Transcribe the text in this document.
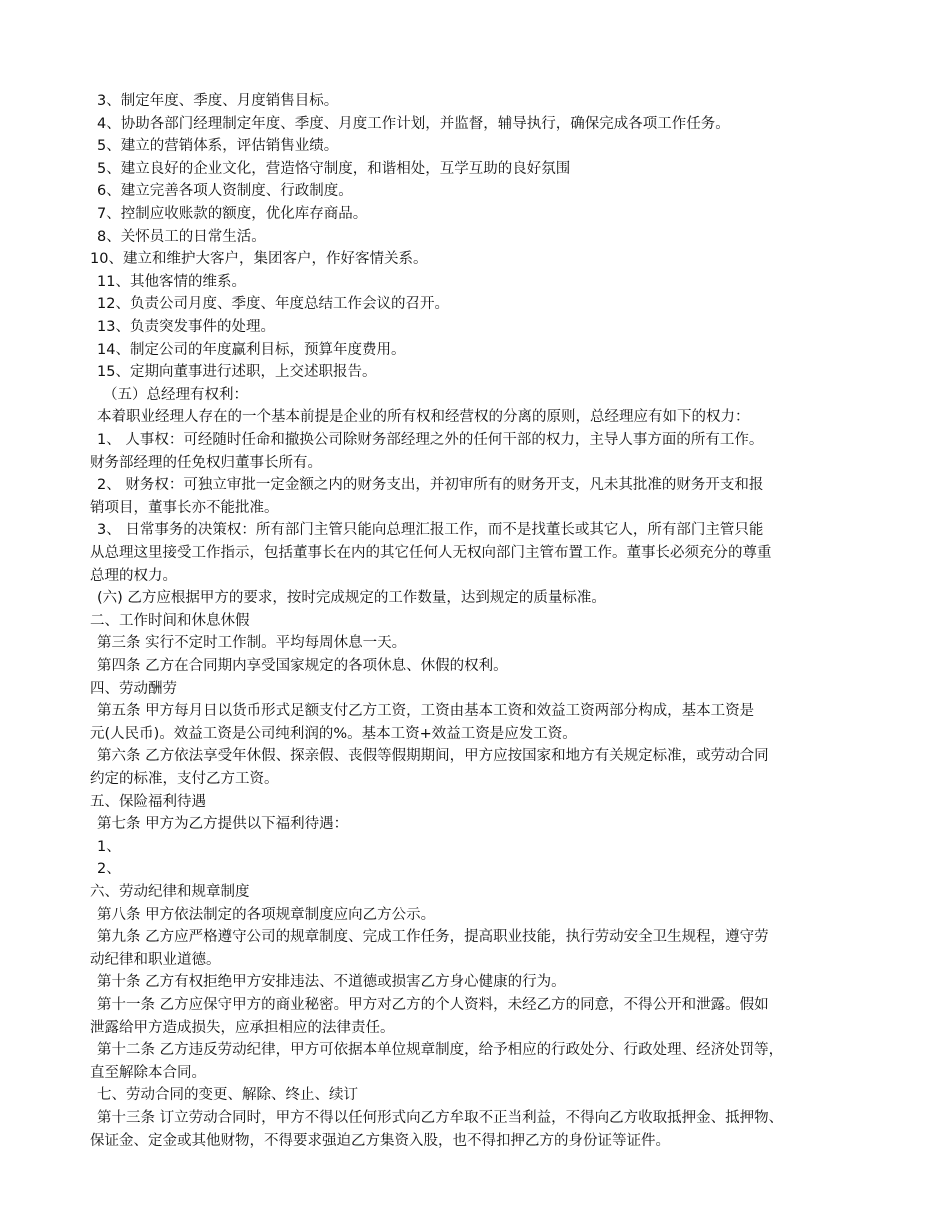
3、制定年度、季度、月度销售目标。
4、协助各部门经理制定年度、季度、月度工作计划，并监督，辅导执行，确保完成各项工作任务。
5、建立的营销体系，评估销售业绩。
5、建立良好的企业文化，营造恪守制度，和谐相处，互学互助的良好氛围
6、建立完善各项人资制度、行政制度。
7、控制应收账款的额度，优化库存商品。
8、关怀员工的日常生活。
10、建立和维护大客户，集团客户，作好客情关系。
11、其他客情的维系。
12、负责公司月度、季度、年度总结工作会议的召开。
13、负责突发事件的处理。
14、制定公司的年度赢利目标，预算年度费用。
15、定期向董事进行述职，上交述职报告。
（五）总经理有权利：
本着职业经理人存在的一个基本前提是企业的所有权和经营权的分离的原则，总经理应有如下的权力：
1、 人事权：可经随时任命和撤换公司除财务部经理之外的任何干部的权力，主导人事方面的所有工作。
财务部经理的任免权归董事长所有。
2、 财务权：可独立审批一定金额之内的财务支出，并初审所有的财务开支，凡未其批准的财务开支和报
销项目，董事长亦不能批准。
3、 日常事务的决策权：所有部门主管只能向总理汇报工作，而不是找董长或其它人，所有部门主管只能
从总理这里接受工作指示，包括董事长在内的其它任何人无权向部门主管布置工作。董事长必须充分的尊重
总理的权力。
(六) 乙方应根据甲方的要求，按时完成规定的工作数量，达到规定的质量标准。
二、工作时间和休息休假
第三条 实行不定时工作制。平均每周休息一天。
第四条 乙方在合同期内享受国家规定的各项休息、休假的权利。
四、劳动酬劳
第五条 甲方每月日以货币形式足额支付乙方工资，工资由基本工资和效益工资两部分构成，基本工资是
元(人民币)。效益工资是公司纯利润的%。基本工资+效益工资是应发工资。
第六条 乙方依法享受年休假、探亲假、丧假等假期期间，甲方应按国家和地方有关规定标准，或劳动合同
约定的标准，支付乙方工资。
五、保险福利待遇
第七条 甲方为乙方提供以下福利待遇：
1、
2、
六、劳动纪律和规章制度
第八条 甲方依法制定的各项规章制度应向乙方公示。
第九条 乙方应严格遵守公司的规章制度、完成工作任务，提高职业技能，执行劳动安全卫生规程，遵守劳
动纪律和职业道德。
第十条 乙方有权拒绝甲方安排违法、不道德或损害乙方身心健康的行为。
第十一条 乙方应保守甲方的商业秘密。甲方对乙方的个人资料，未经乙方的同意，不得公开和泄露。假如
泄露给甲方造成损失，应承担相应的法律责任。
第十二条 乙方违反劳动纪律，甲方可依据本单位规章制度，给予相应的行政处分、行政处理、经济处罚等，
直至解除本合同。
七、劳动合同的变更、解除、终止、续订
第十三条 订立劳动合同时，甲方不得以任何形式向乙方牟取不正当利益，不得向乙方收取抵押金、抵押物、
保证金、定金或其他财物，不得要求强迫乙方集资入股，也不得扣押乙方的身份证等证件。
